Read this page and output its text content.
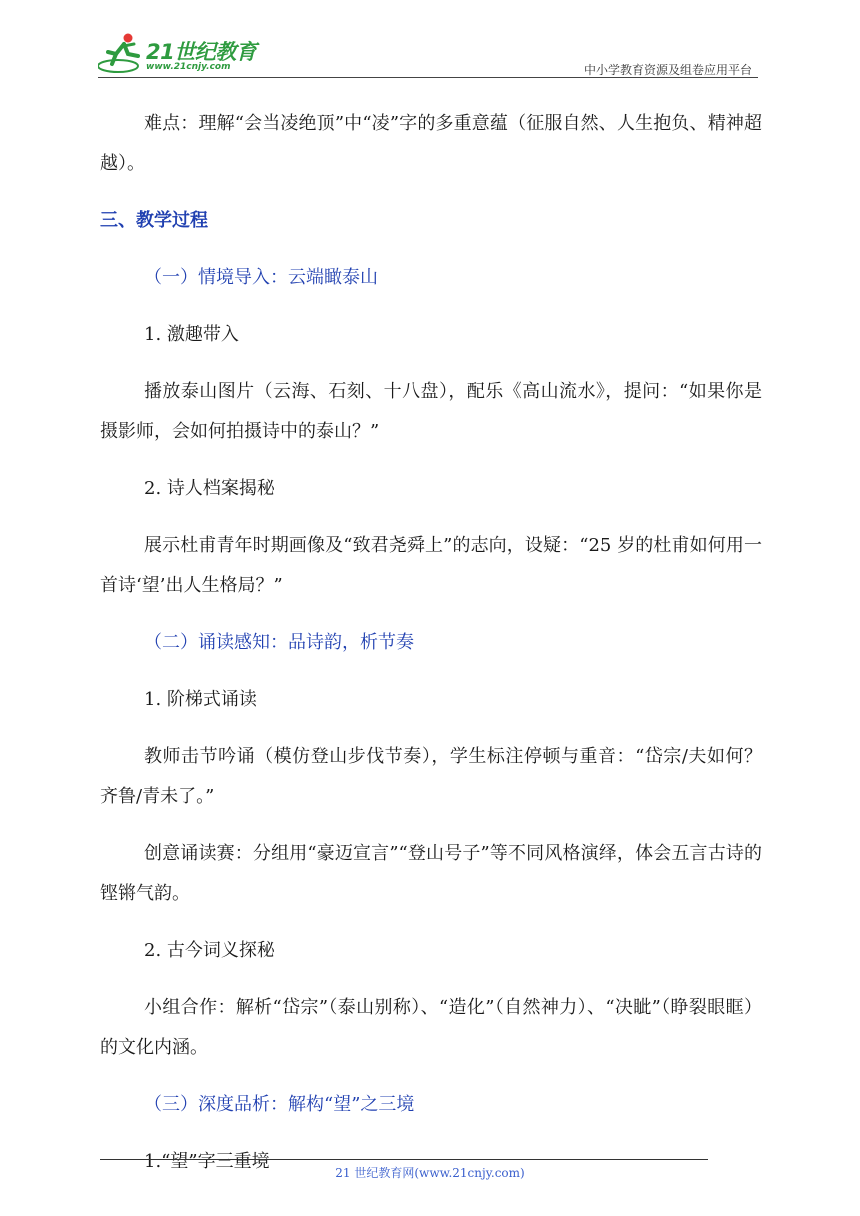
21世纪教育
www.21cnjy.com	中小学教育资源及组卷应用平台
难点：理解“会当凌绝顶”中“凌”字的多重意蕴（征服自然、人生抱负、精神超越）。
三、教学过程
（一）情境导入：云端瞰泰山
1. 激趣带入
播放泰山图片（云海、石刻、十八盘），配乐《高山流水》，提问：“如果你是摄影师，会如何拍摄诗中的泰山？”
2. 诗人档案揭秘
展示杜甫青年时期画像及“致君尧舜上”的志向，设疑：“25 岁的杜甫如何用一首诗‘望’出人生格局？”
（二）诵读感知：品诗韵，析节奏
1. 阶梯式诵读
教师击节吟诵（模仿登山步伐节奏），学生标注停顿与重音：“岱宗/夫如何？齐鲁/青未了。”
创意诵读赛：分组用“豪迈宣言”“登山号子”等不同风格演绎，体会五言古诗的铿锵气韵。
2. 古今词义探秘
小组合作：解析“岱宗”（泰山别称）、“造化”（自然神力）、“决眦”（睁裂眼眶）的文化内涵。
（三）深度品析：解构“望”之三境
1.“望”字三重境
21 世纪教育网(www.21cnjy.com)
